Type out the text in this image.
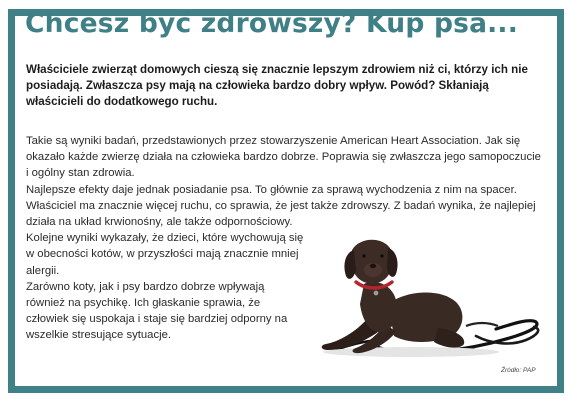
Chcesz być zdrowszy? Kup psa...

Właściciele zwierząt domowych cieszą się znacznie lepszym zdrowiem niż ci, którzy ich nie posiadają. Zwłaszcza psy mają na człowieka bardzo dobry wpływ. Powód? Skłaniają właścicieli do dodatkowego ruchu.

Takie są wyniki badań, przedstawionych przez stowarzyszenie American Heart Association. Jak się okazało każde zwierzę działa na człowieka bardzo dobrze. Poprawia się zwłaszcza jego samopoczucie i ogólny stan zdrowia.

Najlepsze efekty daje jednak posiadanie psa. To głównie za sprawą wychodzenia z nim na spacer. Właściciel ma znacznie więcej ruchu, co sprawia, że jest także zdrowszy. Z badań wynika, że najlepiej działa na układ krwionośny, ale także odpornościowy.

Kolejne wyniki wykazały, że dzieci, które wychowują się w obecności kotów, w przyszłości mają znacznie mniej alergii.

Zarówno koty, jak i psy bardzo dobrze wpływają również na psychikę. Ich głaskanie sprawia, że człowiek się uspokaja i staje się bardziej odporny na wszelkie stresujące sytuacje.

Źródło: PAP
